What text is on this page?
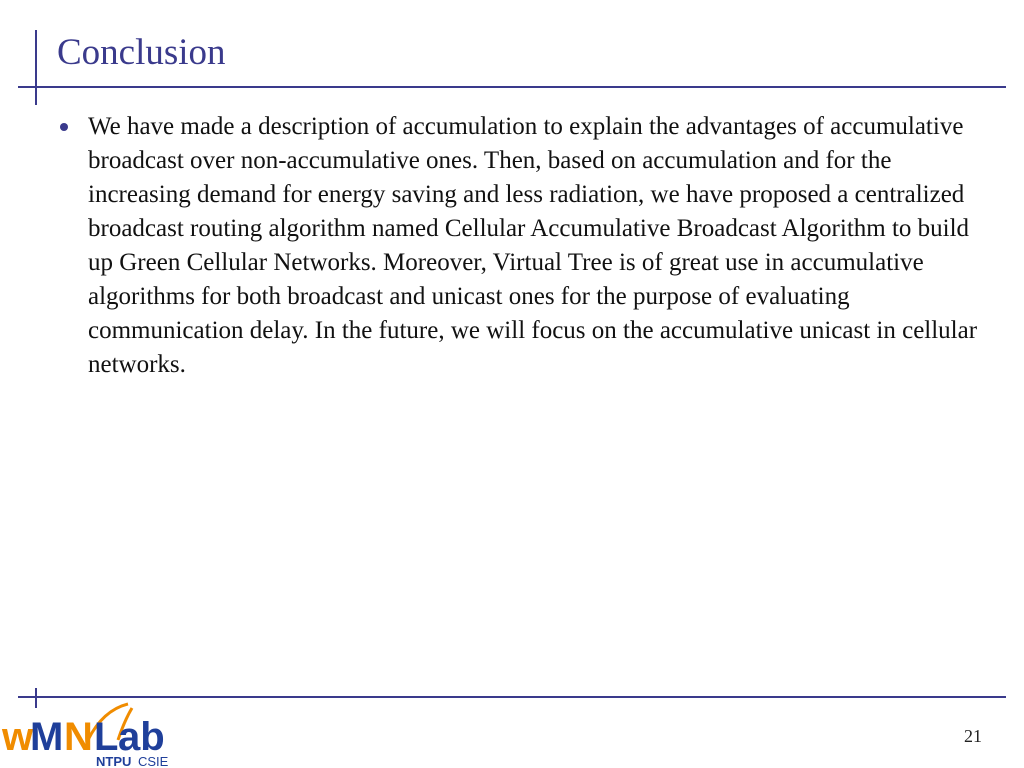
Conclusion
We have made a description of accumulation to explain the advantages of accumulative broadcast over non-accumulative ones. Then, based on accumulation and for the increasing demand for energy saving and less radiation, we have proposed a centralized broadcast routing algorithm named Cellular Accumulative Broadcast Algorithm to build up Green Cellular Networks. Moreover, Virtual Tree is of great use in accumulative algorithms for both broadcast and unicast ones for the purpose of evaluating communication delay. In the future, we will focus on the accumulative unicast in cellular networks.
w
M N L ab
NTPU CSIE
21
